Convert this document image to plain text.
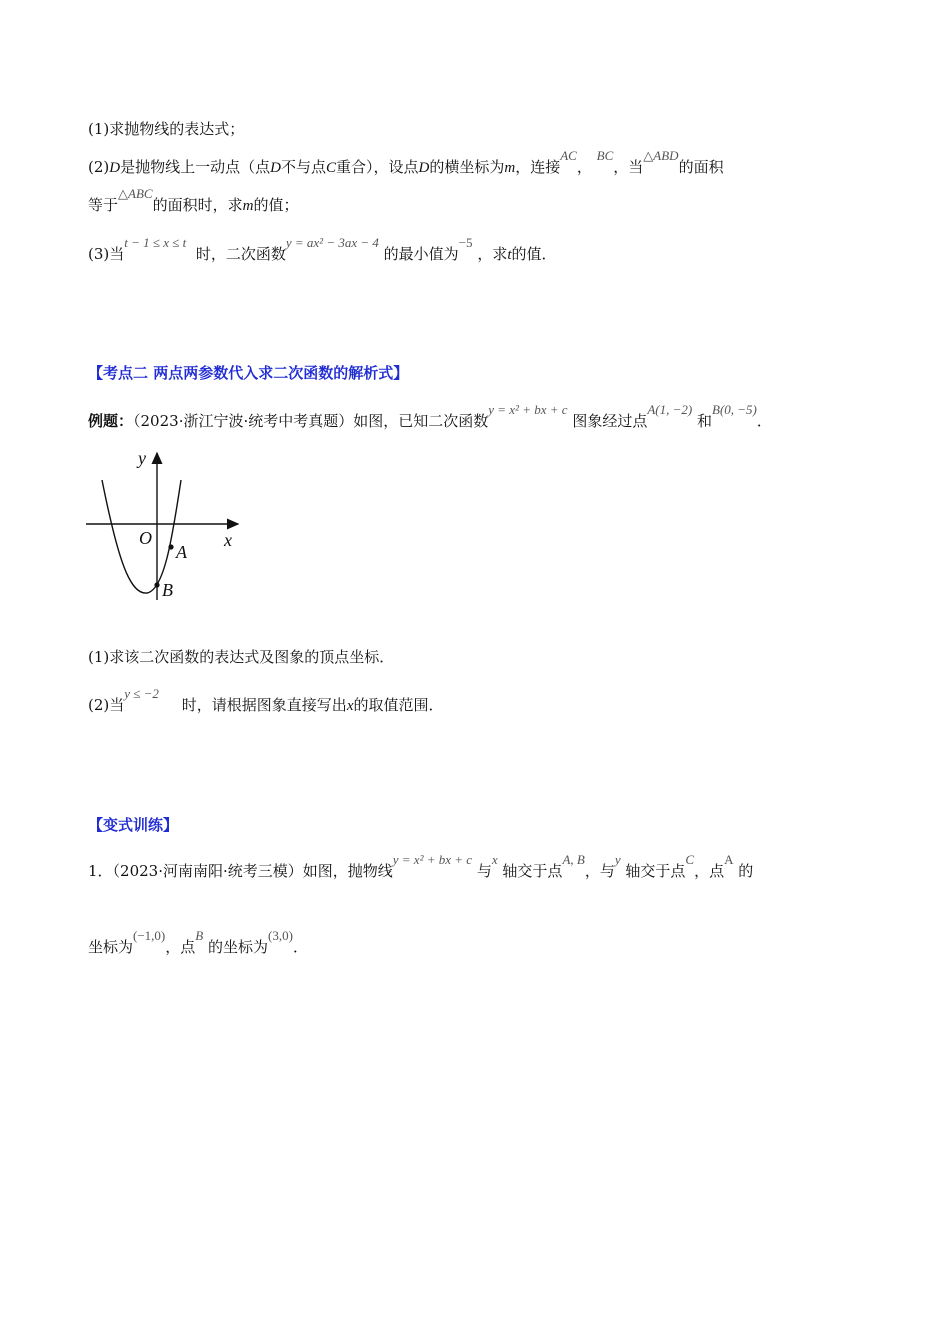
(1)求抛物线的表达式；
(2)D是抛物线上一动点（点D不与点C重合），设点D的横坐标为m，连接AC， BC，当△ABD的面积
等于△ABC的面积时，求m的值；
(3)当t − 1 ≤ x ≤ t  时，二次函数y = ax² − 3ax − 4 的最小值为−5 ，求t的值．
【考点二 两点两参数代入求二次函数的解析式】
例题：（2023·浙江宁波·统考中考真题）如图，已知二次函数y = x² + bx + c 图象经过点A(1, −2) 和B(0, −5)．
y
x
O
A
B
(1)求该二次函数的表达式及图象的顶点坐标．
(2)当y ≤ −2  时，请根据图象直接写出x的取值范围．
【变式训练】
1．（2023·河南南阳·统考三模）如图，抛物线y = x² + bx + c 与x 轴交于点A, B，与y 轴交于点C，点A 的
坐标为(−1,0)，点B 的坐标为(3,0)．
